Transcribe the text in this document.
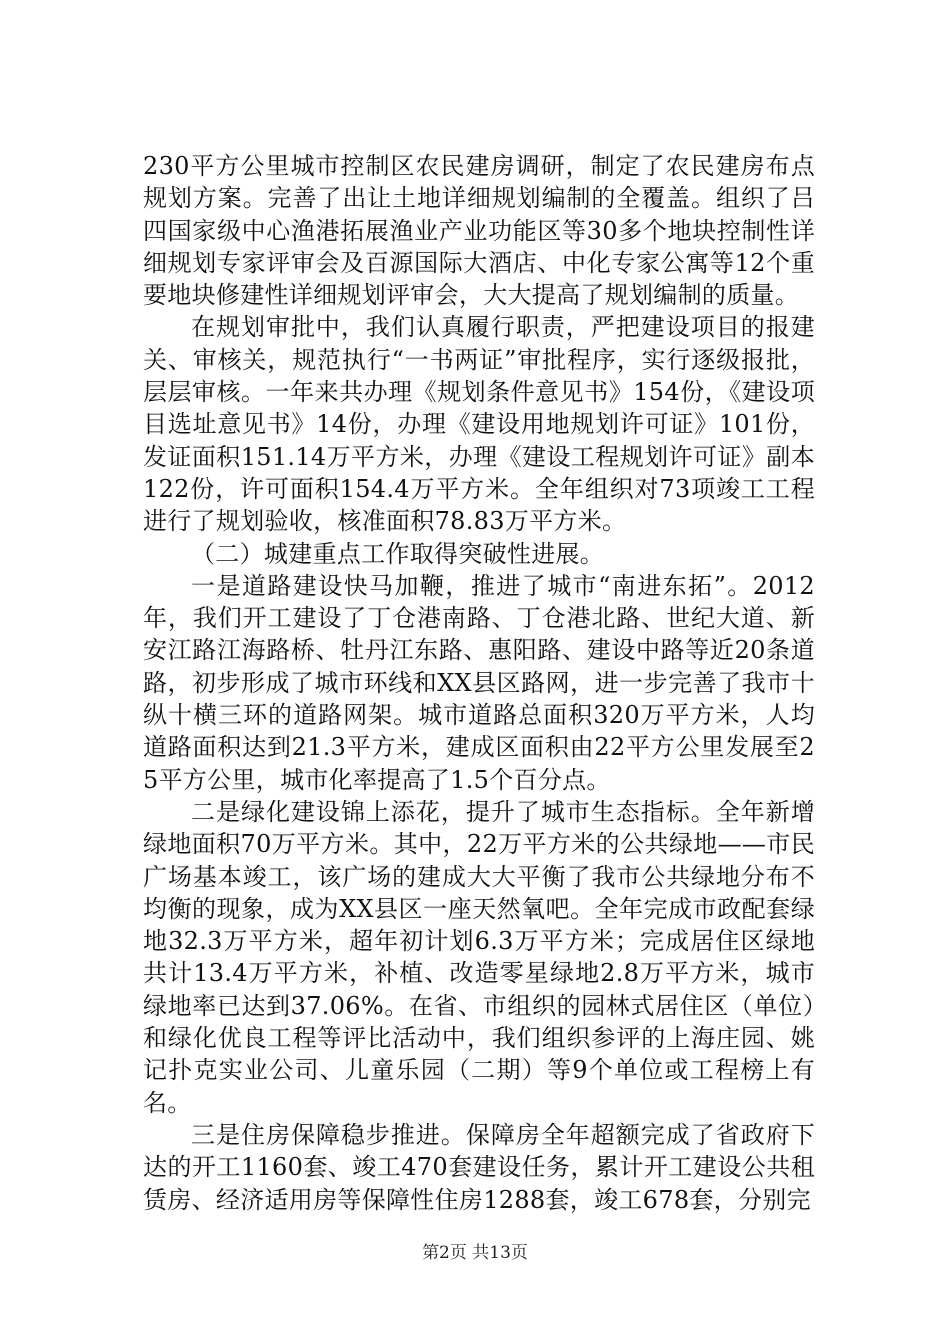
230平方公里城市控制区农民建房调研，制定了农民建房布点规划方案。完善了出让土地详细规划编制的全覆盖。组织了吕四国家级中心渔港拓展渔业产业功能区等30多个地块控制性详细规划专家评审会及百源国际大酒店、中化专家公寓等12个重要地块修建性详细规划评审会，大大提高了规划编制的质量。

在规划审批中，我们认真履行职责，严把建设项目的报建关、审核关，规范执行“一书两证”审批程序，实行逐级报批，层层审核。一年来共办理《规划条件意见书》154份，《建设项目选址意见书》14份，办理《建设用地规划许可证》101份，发证面积151.14万平方米，办理《建设工程规划许可证》副本122份，许可面积154.4万平方米。全年组织对73项竣工工程进行了规划验收，核准面积78.83万平方米。

（二）城建重点工作取得突破性进展。

一是道路建设快马加鞭，推进了城市“南进东拓”。2012年，我们开工建设了丁仓港南路、丁仓港北路、世纪大道、新安江路江海路桥、牡丹江东路、惠阳路、建设中路等近20条道路，初步形成了城市环线和XX县区路网，进一步完善了我市十纵十横三环的道路网架。城市道路总面积320万平方米，人均道路面积达到21.3平方米，建成区面积由22平方公里发展至25平方公里，城市化率提高了1.5个百分点。

二是绿化建设锦上添花，提升了城市生态指标。全年新增绿地面积70万平方米。其中，22万平方米的公共绿地——市民广场基本竣工，该广场的建成大大平衡了我市公共绿地分布不均衡的现象，成为XX县区一座天然氧吧。全年完成市政配套绿地32.3万平方米，超年初计划6.3万平方米；完成居住区绿地共计13.4万平方米，补植、改造零星绿地2.8万平方米，城市绿地率已达到37.06%。在省、市组织的园林式居住区（单位）和绿化优良工程等评比活动中，我们组织参评的上海庄园、姚记扑克实业公司、儿童乐园（二期）等9个单位或工程榜上有名。

三是住房保障稳步推进。保障房全年超额完成了省政府下达的开工1160套、竣工470套建设任务，累计开工建设公共租赁房、经济适用房等保障性住房1288套，竣工678套，分别完

第2页 共13页
